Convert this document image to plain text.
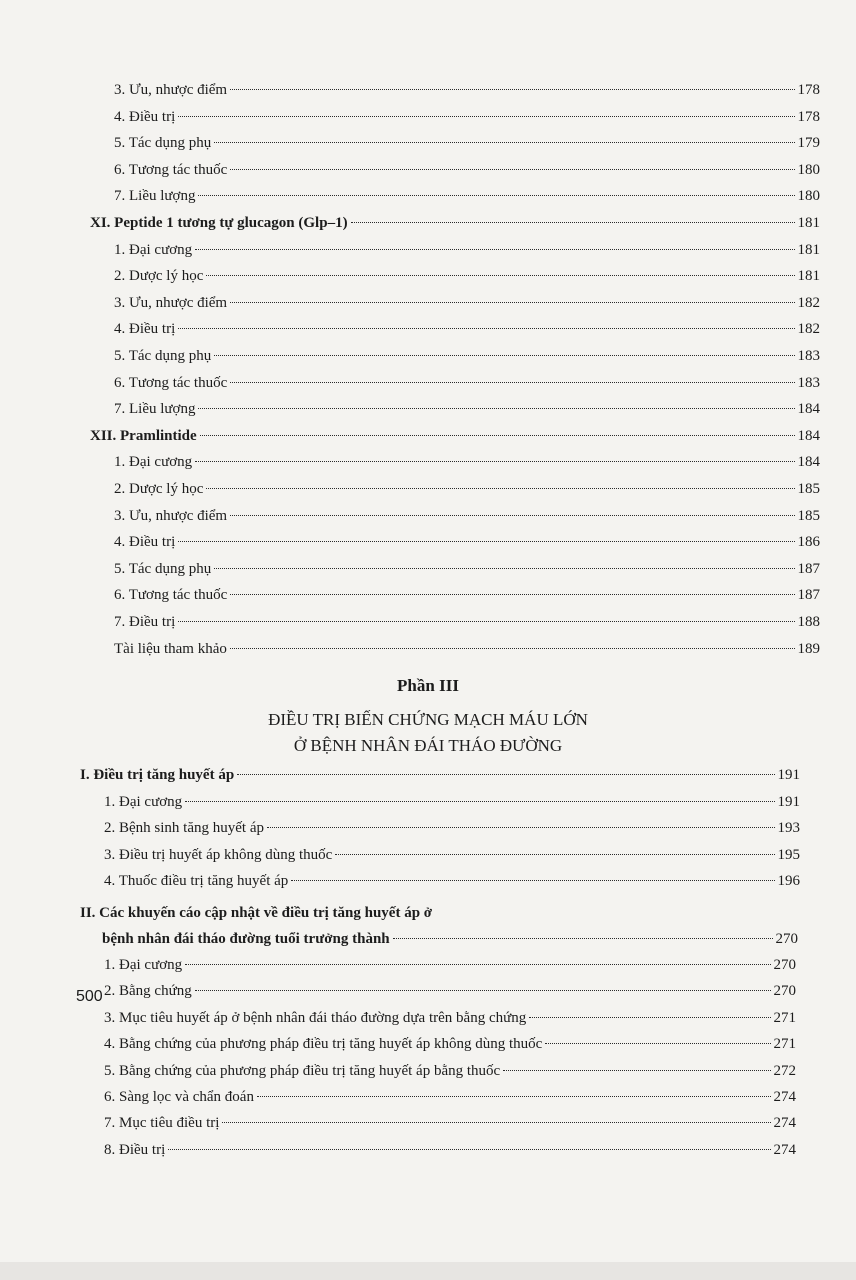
3. Ưu, nhược điểm	178
4. Điều trị	178
5. Tác dụng phụ	179
6. Tương tác thuốc	180
7. Liều lượng	180
XI. Peptide 1 tương tự glucagon (Glp–1)	181
1. Đại cương	181
2. Dược lý học	181
3. Ưu, nhược điểm	182
4. Điều trị	182
5. Tác dụng phụ	183
6. Tương tác thuốc	183
7. Liều lượng	184
XII. Pramlintide	184
1. Đại cương	184
2. Dược lý học	185
3. Ưu, nhược điểm	185
4. Điều trị	186
5. Tác dụng phụ	187
6. Tương tác thuốc	187
7. Điều trị	188
Tài liệu tham khảo	189
Phần III
ĐIỀU TRỊ BIẾN CHỨNG MẠCH MÁU LỚN
Ở BỆNH NHÂN ĐÁI THÁO ĐƯỜNG
I. Điều trị tăng huyết áp	191
1. Đại cương	191
2. Bệnh sinh tăng huyết áp	193
3. Điều trị huyết áp không dùng thuốc	195
4. Thuốc điều trị tăng huyết áp	196
II. Các khuyến cáo cập nhật về điều trị tăng huyết áp ở
bệnh nhân đái tháo đường tuổi trưởng thành	270
1. Đại cương	270
2. Bằng chứng	270
3. Mục tiêu huyết áp ở bệnh nhân đái tháo đường dựa trên bằng chứng	271
4. Bằng chứng của phương pháp điều trị tăng huyết áp không dùng thuốc	271
5. Bằng chứng của phương pháp điều trị tăng huyết áp bằng thuốc	272
6. Sàng lọc và chẩn đoán	274
7. Mục tiêu điều trị	274
8. Điều trị	274
500
